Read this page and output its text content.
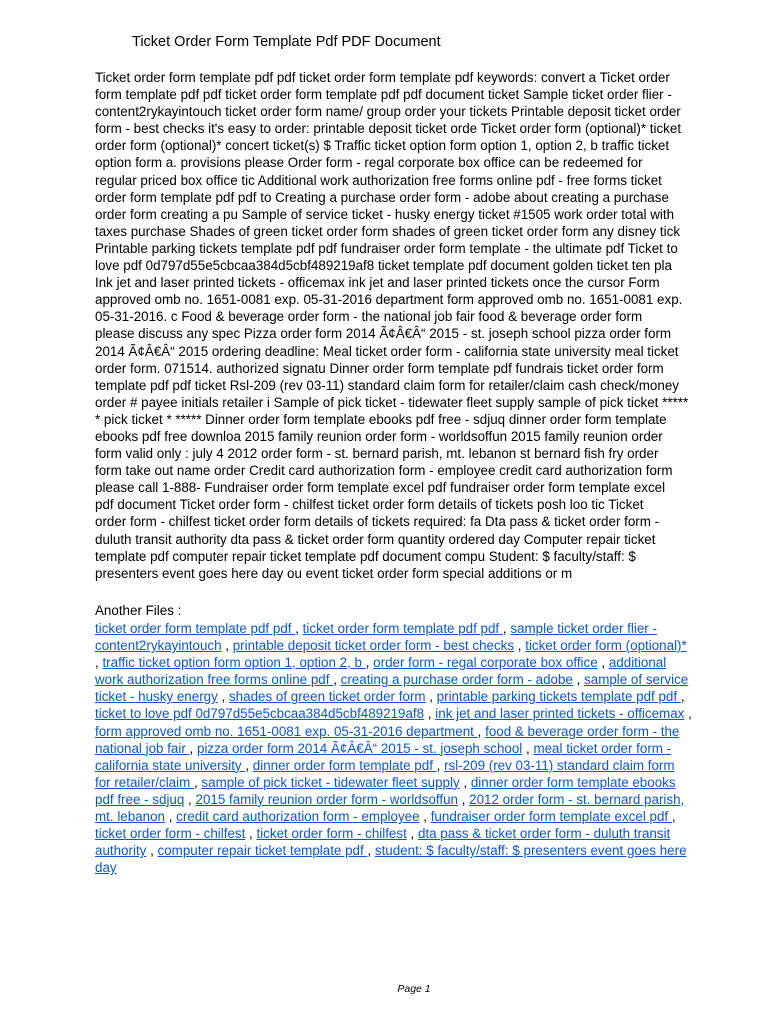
Ticket Order Form Template Pdf PDF Document
Ticket order form template pdf pdf ticket order form template pdf keywords: convert a Ticket order
form template pdf pdf ticket order form template pdf pdf document ticket Sample ticket order flier -
content2rykayintouch ticket order form name/ group order your tickets Printable deposit ticket order
form - best checks it's easy to order: printable deposit ticket orde Ticket order form (optional)* ticket
order form (optional)* concert ticket(s) $ Traffic ticket option form option 1, option 2, b traffic ticket
option form a. provisions please Order form - regal corporate box office can be redeemed for
regular priced box office tic Additional work authorization free forms online pdf - free forms ticket
order form template pdf pdf to Creating a purchase order form - adobe about creating a purchase
order form creating a pu Sample of service ticket - husky energy ticket #1505 work order total with
taxes purchase Shades of green ticket order form shades of green ticket order form any disney tick
Printable parking tickets template pdf pdf fundraiser order form template - the ultimate pdf Ticket to
love pdf 0d797d55e5cbcaa384d5cbf489219af8 ticket template pdf document golden ticket ten pla
Ink jet and laser printed tickets - officemax ink jet and laser printed tickets once the cursor Form
approved omb no. 1651-0081 exp. 05-31-2016 department form approved omb no. 1651-0081 exp.
05-31-2016. c Food & beverage order form - the national job fair food & beverage order form
please discuss any spec Pizza order form 2014 Ã¢Â€Â“ 2015 - st. joseph school pizza order form
2014 Ã¢Â€Â“ 2015 ordering deadline: Meal ticket order form - california state university meal ticket
order form. 071514. authorized signatu Dinner order form template pdf fundrais ticket order form
template pdf pdf ticket Rsl-209 (rev 03-11) standard claim form for retailer/claim cash check/money
order # payee initials retailer i Sample of pick ticket - tidewater fleet supply sample of pick ticket *****
* pick ticket * ***** Dinner order form template ebooks pdf free - sdjuq dinner order form template
ebooks pdf free downloa 2015 family reunion order form - worldsoffun 2015 family reunion order
form valid only : july 4 2012 order form - st. bernard parish, mt. lebanon st bernard fish fry order
form take out name order Credit card authorization form - employee credit card authorization form
please call 1-888- Fundraiser order form template excel pdf fundraiser order form template excel
pdf document Ticket order form - chilfest ticket order form details of tickets posh loo tic Ticket
order form - chilfest ticket order form details of tickets required: fa Dta pass & ticket order form -
duluth transit authority dta pass & ticket order form quantity ordered day Computer repair ticket
template pdf computer repair ticket template pdf document compu Student: $ faculty/staff: $
presenters event goes here day ou event ticket order form special additions or m
Another Files :
ticket order form template pdf pdf , ticket order form template pdf pdf , sample ticket order flier -
content2rykayintouch , printable deposit ticket order form - best checks , ticket order form (optional)*
, traffic ticket option form option 1, option 2, b , order form - regal corporate box office , additional
work authorization free forms online pdf , creating a purchase order form - adobe , sample of service
ticket - husky energy , shades of green ticket order form , printable parking tickets template pdf pdf ,
ticket to love pdf 0d797d55e5cbcaa384d5cbf489219af8 , ink jet and laser printed tickets - officemax ,
form approved omb no. 1651-0081 exp. 05-31-2016 department , food & beverage order form - the
national job fair , pizza order form 2014 Ã¢Â€Â“ 2015 - st. joseph school , meal ticket order form -
california state university , dinner order form template pdf , rsl-209 (rev 03-11) standard claim form
for retailer/claim , sample of pick ticket - tidewater fleet supply , dinner order form template ebooks
pdf free - sdjuq , 2015 family reunion order form - worldsoffun , 2012 order form - st. bernard parish,
mt. lebanon , credit card authorization form - employee , fundraiser order form template excel pdf ,
ticket order form - chilfest , ticket order form - chilfest , dta pass & ticket order form - duluth transit
authority , computer repair ticket template pdf , student: $ faculty/staff: $ presenters event goes here
day
Page 1
